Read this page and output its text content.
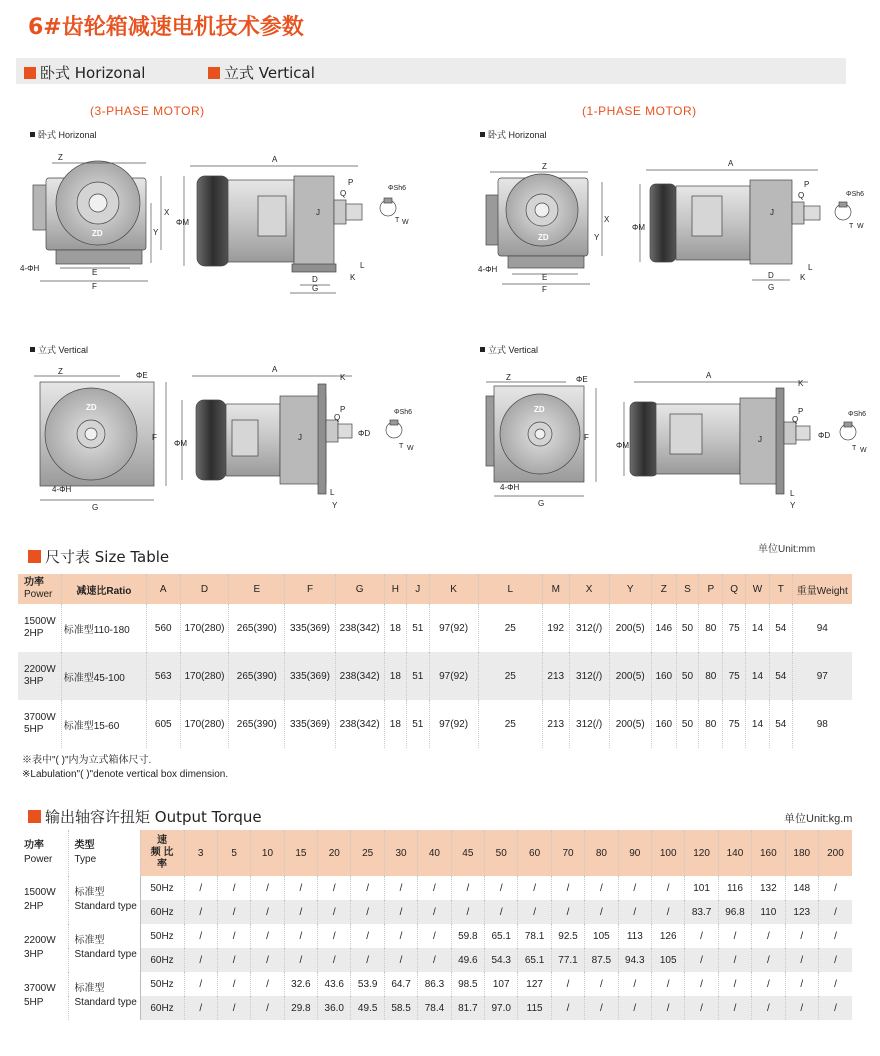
6#齿轮箱减速电机技术参数
卧式 Horizonal	立式 Vertical
(3-PHASE MOTOR)	(1-PHASE MOTOR)
卧式 Horizonal	卧式 Horizonal
立式 Vertical	立式 Vertical
ZD
Z
E
F
X
Y
4-ΦH
A
ΦM
P
Q
J
L
K
D
G
ΦSh6
T W
ZD
Z
E
F
X
Y
4-ΦH
A
ΦM
P
Q
J
L
K
D
G
ΦSh6
T W
ZD
Z	ΦE
F
G
4-ΦH
A
K
ΦM
P
Q
J	ΦD
L
Y
ΦSh6
T W
ZD
Z	ΦE
F
G
4-ΦH
A
K
ΦM
P
Q
J	ΦD
L
Y
ΦSh6
T W
尺寸表 Size Table	单位Unit:mm
功率
Power	减速比Ratio	A	D	E	F	G	H	J	K	L	M	X	Y	Z	S	P	Q	W	T	重量Weight
1500W
2HP	标准型110-180	560	170(280)	265(390)	335(369)	238(342)	18	51	97(92)	25	192	312(/)	200(5)	146	50	80	75	14	54	94
2200W
3HP	标准型45-100	563	170(280)	265(390)	335(369)	238(342)	18	51	97(92)	25	213	312(/)	200(5)	160	50	80	75	14	54	97
3700W
5HP	标准型15-60	605	170(280)	265(390)	335(369)	238(342)	18	51	97(92)	25	213	312(/)	200(5)	160	50	80	75	14	54	98
※表中"( )"内为立式箱体尺寸.
※Labulation"( )"denote vertical box dimension.
输出轴容许扭矩 Output Torque	单位Unit:kg.m
功率
Power	类型
Type	速
频 比
率	3	5	10	15	20	25	30	40	45	50	60	70	80	90	100	120	140	160	180	200
1500W
2HP	标准型
Standard type	50Hz	/	/	/	/	/	/	/	/	/	/	/	/	/	/	/	101	116	132	148	/
		60Hz	/	/	/	/	/	/	/	/	/	/	/	/	/	/	/	83.7	96.8	110	123	/
2200W
3HP	标准型
Standard type	50Hz	/	/	/	/	/	/	/	/	59.8	65.1	78.1	92.5	105	113	126	/	/	/	/	/
		60Hz	/	/	/	/	/	/	/	/	49.6	54.3	65.1	77.1	87.5	94.3	105	/	/	/	/	/
3700W
5HP	标准型
Standard type	50Hz	/	/	/	32.6	43.6	53.9	64.7	86.3	98.5	107	127	/	/	/	/	/	/	/	/	/
		60Hz	/	/	/	29.8	36.0	49.5	58.5	78.4	81.7	97.0	115	/	/	/	/	/	/	/	/	/
